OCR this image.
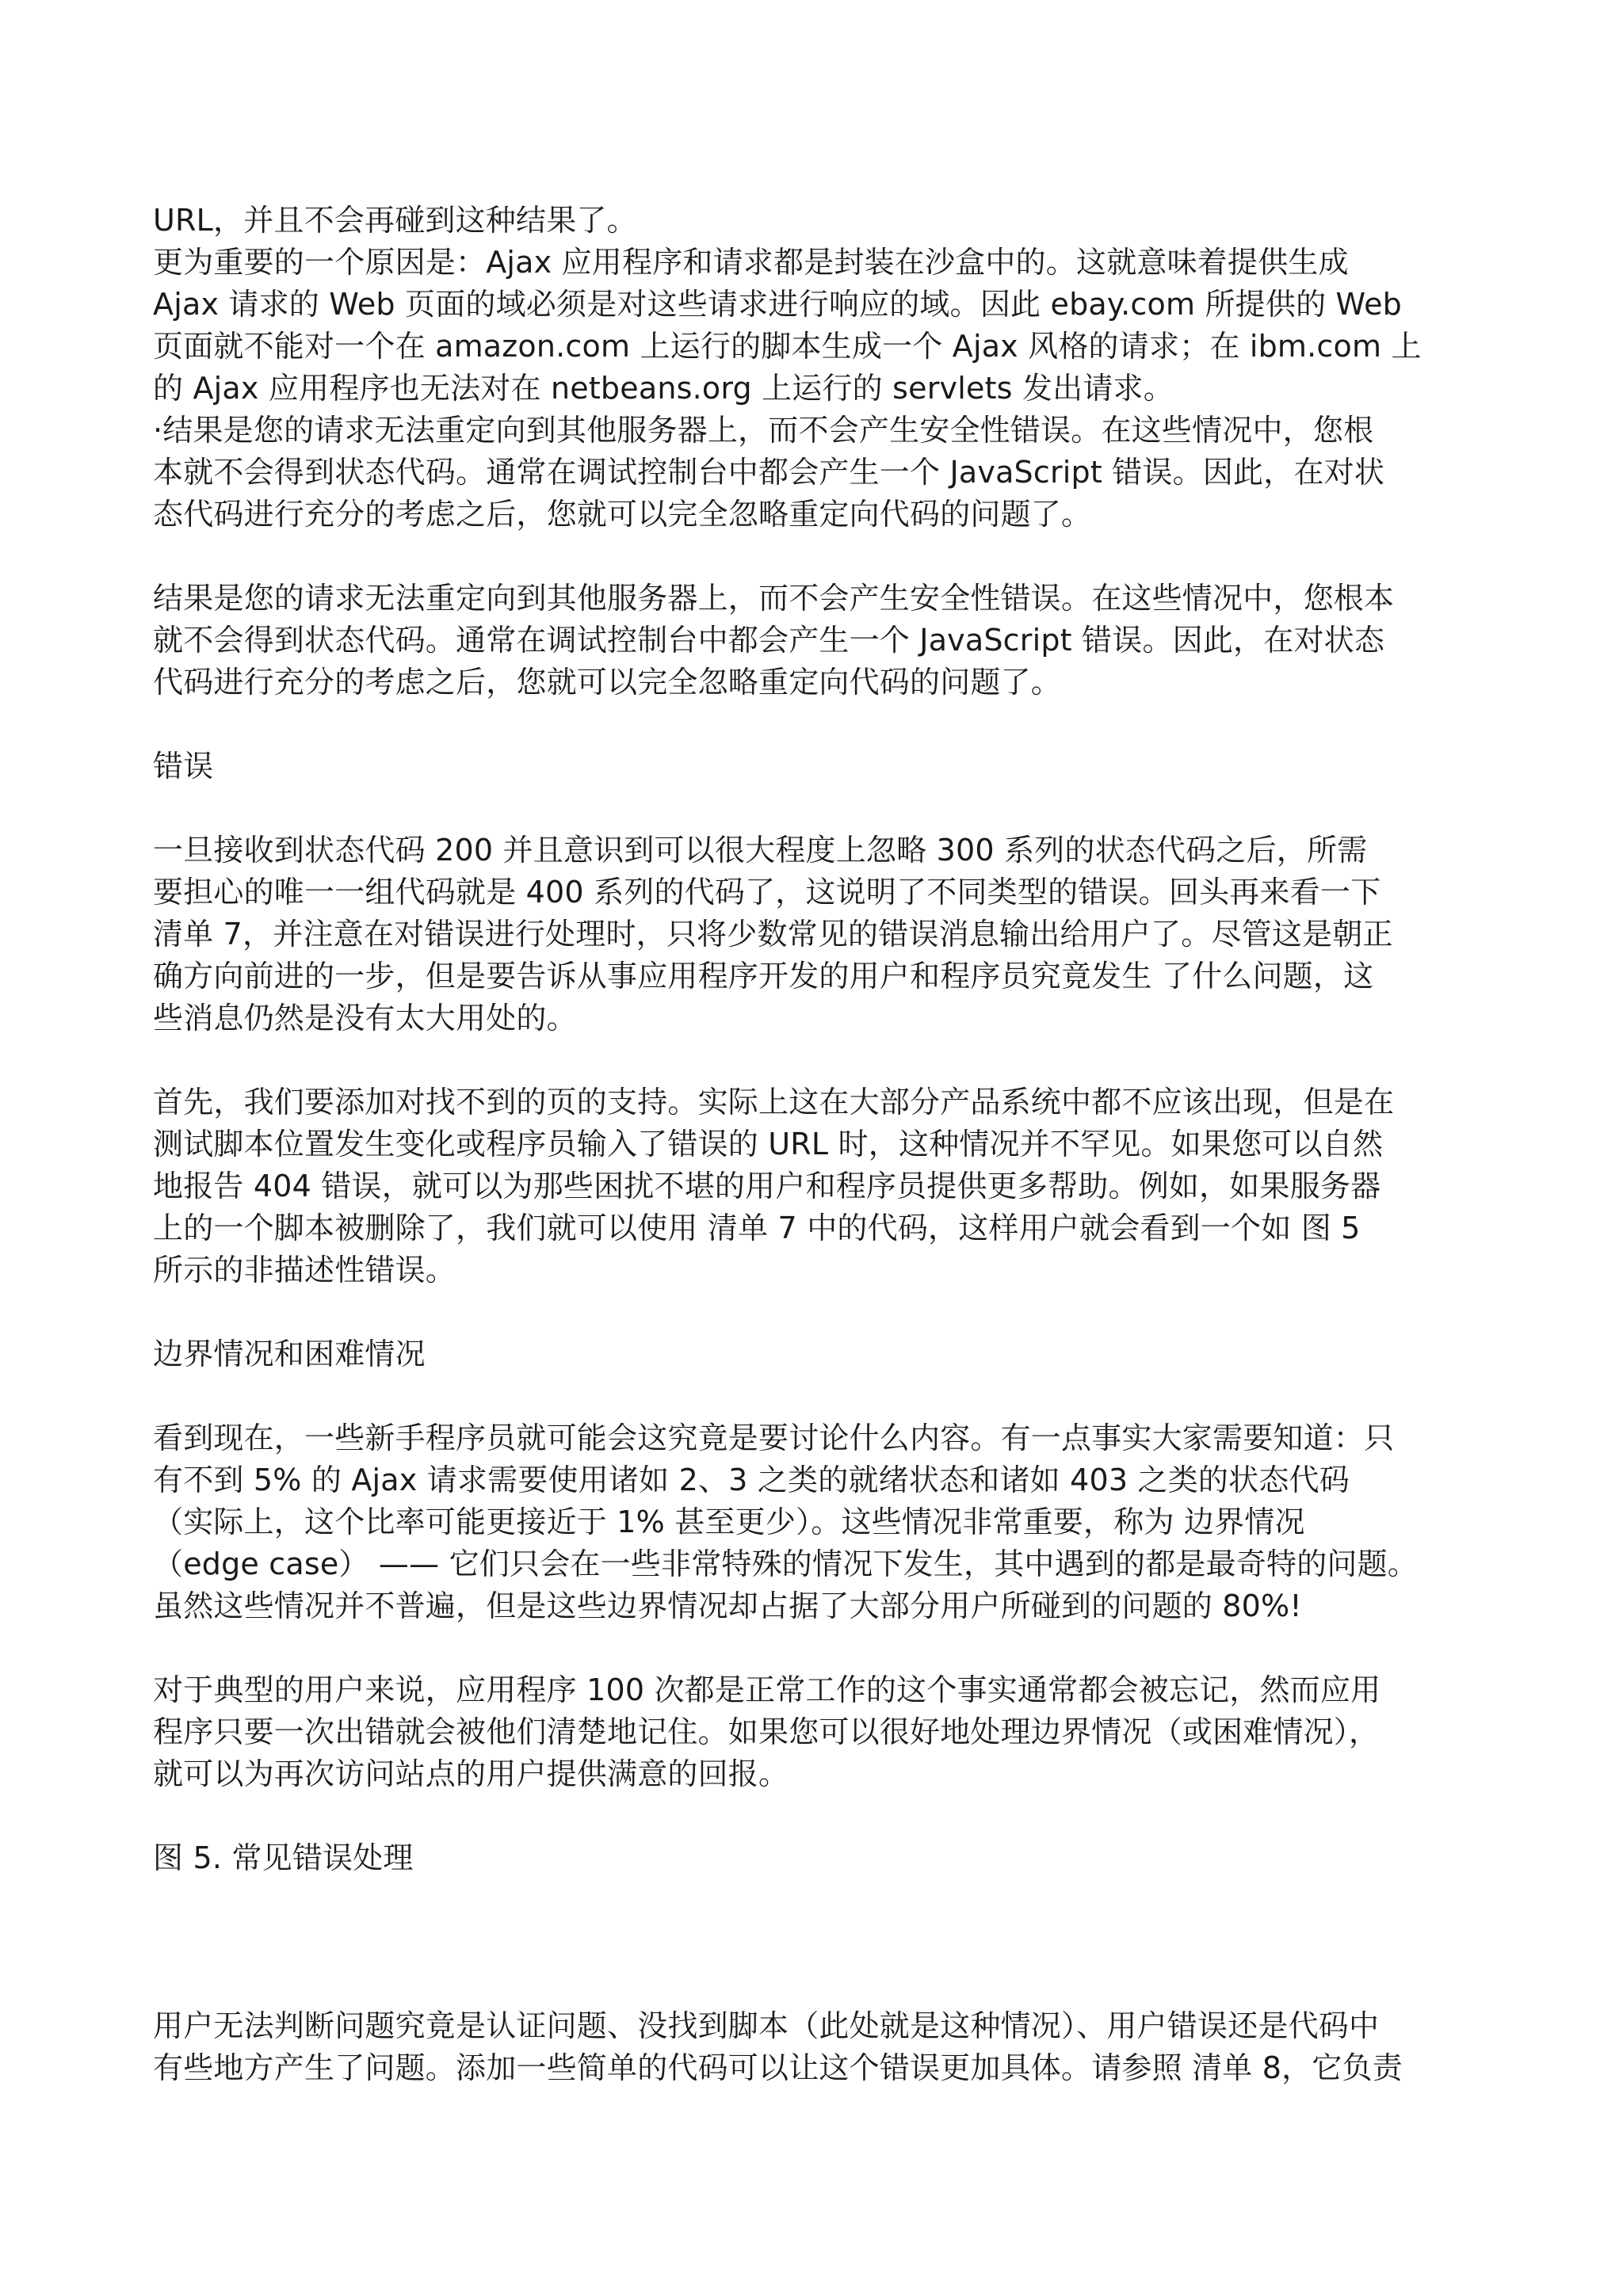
URL，并且不会再碰到这种结果了。
更为重要的一个原因是：Ajax 应用程序和请求都是封装在沙盒中的。这就意味着提供生成
Ajax 请求的 Web 页面的域必须是对这些请求进行响应的域。因此 ebay.com 所提供的 Web
页面就不能对一个在 amazon.com 上运行的脚本生成一个 Ajax 风格的请求；在 ibm.com 上
的 Ajax 应用程序也无法对在 netbeans.org 上运行的 servlets 发出请求。
·结果是您的请求无法重定向到其他服务器上，而不会产生安全性错误。在这些情况中，您根
本就不会得到状态代码。通常在调试控制台中都会产生一个 JavaScript 错误。因此，在对状
态代码进行充分的考虑之后，您就可以完全忽略重定向代码的问题了。
结果是您的请求无法重定向到其他服务器上，而不会产生安全性错误。在这些情况中，您根本
就不会得到状态代码。通常在调试控制台中都会产生一个 JavaScript 错误。因此，在对状态
代码进行充分的考虑之后，您就可以完全忽略重定向代码的问题了。
错误
一旦接收到状态代码 200 并且意识到可以很大程度上忽略 300 系列的状态代码之后，所需
要担心的唯一一组代码就是 400 系列的代码了，这说明了不同类型的错误。回头再来看一下
清单 7，并注意在对错误进行处理时，只将少数常见的错误消息输出给用户了。尽管这是朝正
确方向前进的一步，但是要告诉从事应用程序开发的用户和程序员究竟发生 了什么问题，这
些消息仍然是没有太大用处的。
首先，我们要添加对找不到的页的支持。实际上这在大部分产品系统中都不应该出现，但是在
测试脚本位置发生变化或程序员输入了错误的 URL 时，这种情况并不罕见。如果您可以自然
地报告 404 错误，就可以为那些困扰不堪的用户和程序员提供更多帮助。例如，如果服务器
上的一个脚本被删除了，我们就可以使用 清单 7 中的代码，这样用户就会看到一个如 图 5
所示的非描述性错误。
边界情况和困难情况
看到现在，一些新手程序员就可能会这究竟是要讨论什么内容。有一点事实大家需要知道：只
有不到 5% 的 Ajax 请求需要使用诸如 2、3 之类的就绪状态和诸如 403 之类的状态代码
（实际上，这个比率可能更接近于 1% 甚至更少）。这些情况非常重要，称为 边界情况
（edge case） —— 它们只会在一些非常特殊的情况下发生，其中遇到的都是最奇特的问题。
虽然这些情况并不普遍，但是这些边界情况却占据了大部分用户所碰到的问题的 80%!
对于典型的用户来说，应用程序 100 次都是正常工作的这个事实通常都会被忘记，然而应用
程序只要一次出错就会被他们清楚地记住。如果您可以很好地处理边界情况（或困难情况），
就可以为再次访问站点的用户提供满意的回报。
图 5. 常见错误处理
用户无法判断问题究竟是认证问题、没找到脚本（此处就是这种情况）、用户错误还是代码中
有些地方产生了问题。添加一些简单的代码可以让这个错误更加具体。请参照 清单 8，它负责
